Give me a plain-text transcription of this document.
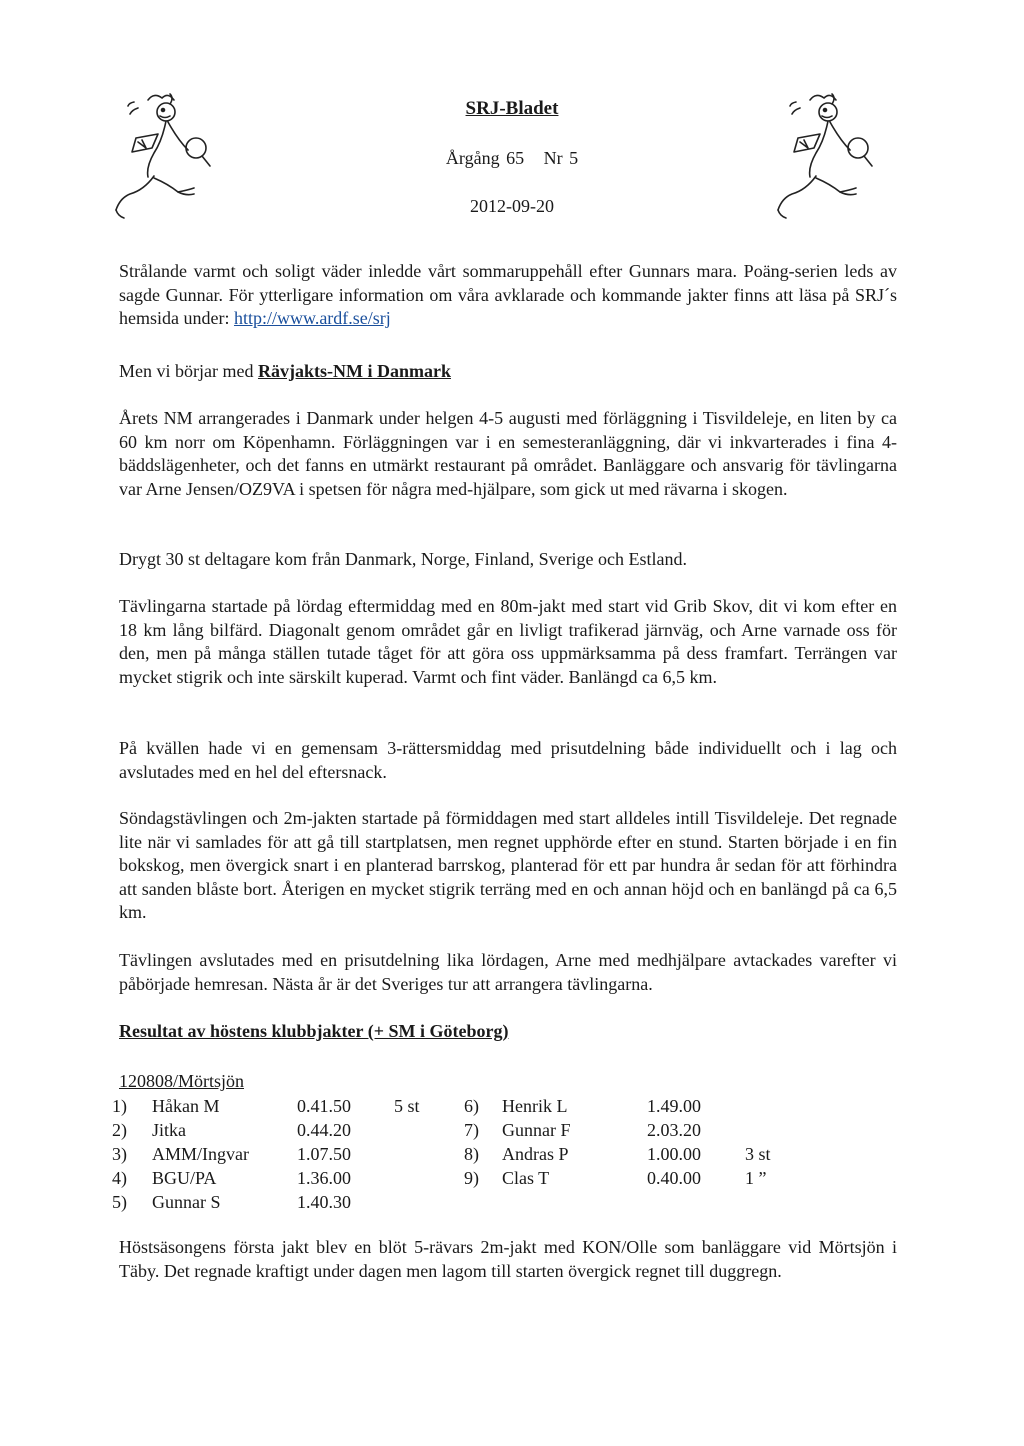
SRJ-Bladet
Årgång 65   Nr 5
2012-09-20

Strålande varmt och soligt väder inledde vårt sommaruppehåll efter Gunnars mara. Poäng-serien leds av sagde Gunnar. För ytterligare information om våra avklarade och kommande jakter finns att läsa på SRJ´s hemsida under: http://www.ardf.se/srj

Men vi börjar med Rävjakts-NM i Danmark

Årets NM arrangerades i Danmark under helgen 4-5 augusti med förläggning i Tisvildeleje, en liten by ca 60 km norr om Köpenhamn. Förläggningen var i en semesteranläggning, där vi inkvarterades i fina 4-bäddslägenheter, och det fanns en utmärkt restaurant på området. Banläggare och ansvarig för tävlingarna var Arne Jensen/OZ9VA i spetsen för några med-hjälpare, som gick ut med rävarna i skogen.

Drygt 30 st deltagare kom från Danmark, Norge, Finland, Sverige och Estland.

Tävlingarna startade på lördag eftermiddag med en 80m-jakt med start vid Grib Skov, dit vi kom efter en 18 km lång bilfärd. Diagonalt genom området går en livligt trafikerad järnväg, och Arne varnade oss för den, men på många ställen tutade tåget för att göra oss uppmärksamma på dess framfart. Terrängen var mycket stigrik och inte särskilt kuperad. Varmt och fint väder. Banlängd ca 6,5 km.

På kvällen hade vi en gemensam 3-rättersmiddag med prisutdelning både individuellt och i lag och avslutades med en hel del eftersnack.

Söndagstävlingen och 2m-jakten startade på förmiddagen med start alldeles intill Tisvildeleje. Det regnade lite när vi samlades för att gå till startplatsen, men regnet upphörde efter en stund. Starten började i en fin bokskog, men övergick snart i en planterad barrskog, planterad för ett par hundra år sedan för att förhindra att sanden blåste bort. Återigen en mycket stigrik terräng med en och annan höjd och en banlängd på ca 6,5 km.

Tävlingen avslutades med en prisutdelning lika lördagen, Arne med medhjälpare avtackades varefter vi påbörjade hemresan. Nästa år är det Sveriges tur att arrangera tävlingarna.

Resultat av höstens klubbjakter (+ SM i Göteborg)

120808/Mörtsjön

1)	Håkan M	0.41.50	5 st	6)	Henrik L	1.49.00	
2)	Jitka	0.44.20		7)	Gunnar F	2.03.20	
3)	AMM/Ingvar	1.07.50		8)	Andras P	1.00.00	3 st
4)	BGU/PA	1.36.00		9)	Clas T	0.40.00	1 ”
5)	Gunnar S	1.40.30					

Höstsäsongens första jakt blev en blöt 5-rävars 2m-jakt med KON/Olle som banläggare vid Mörtsjön i Täby. Det regnade kraftigt under dagen men lagom till starten övergick regnet till duggregn.
